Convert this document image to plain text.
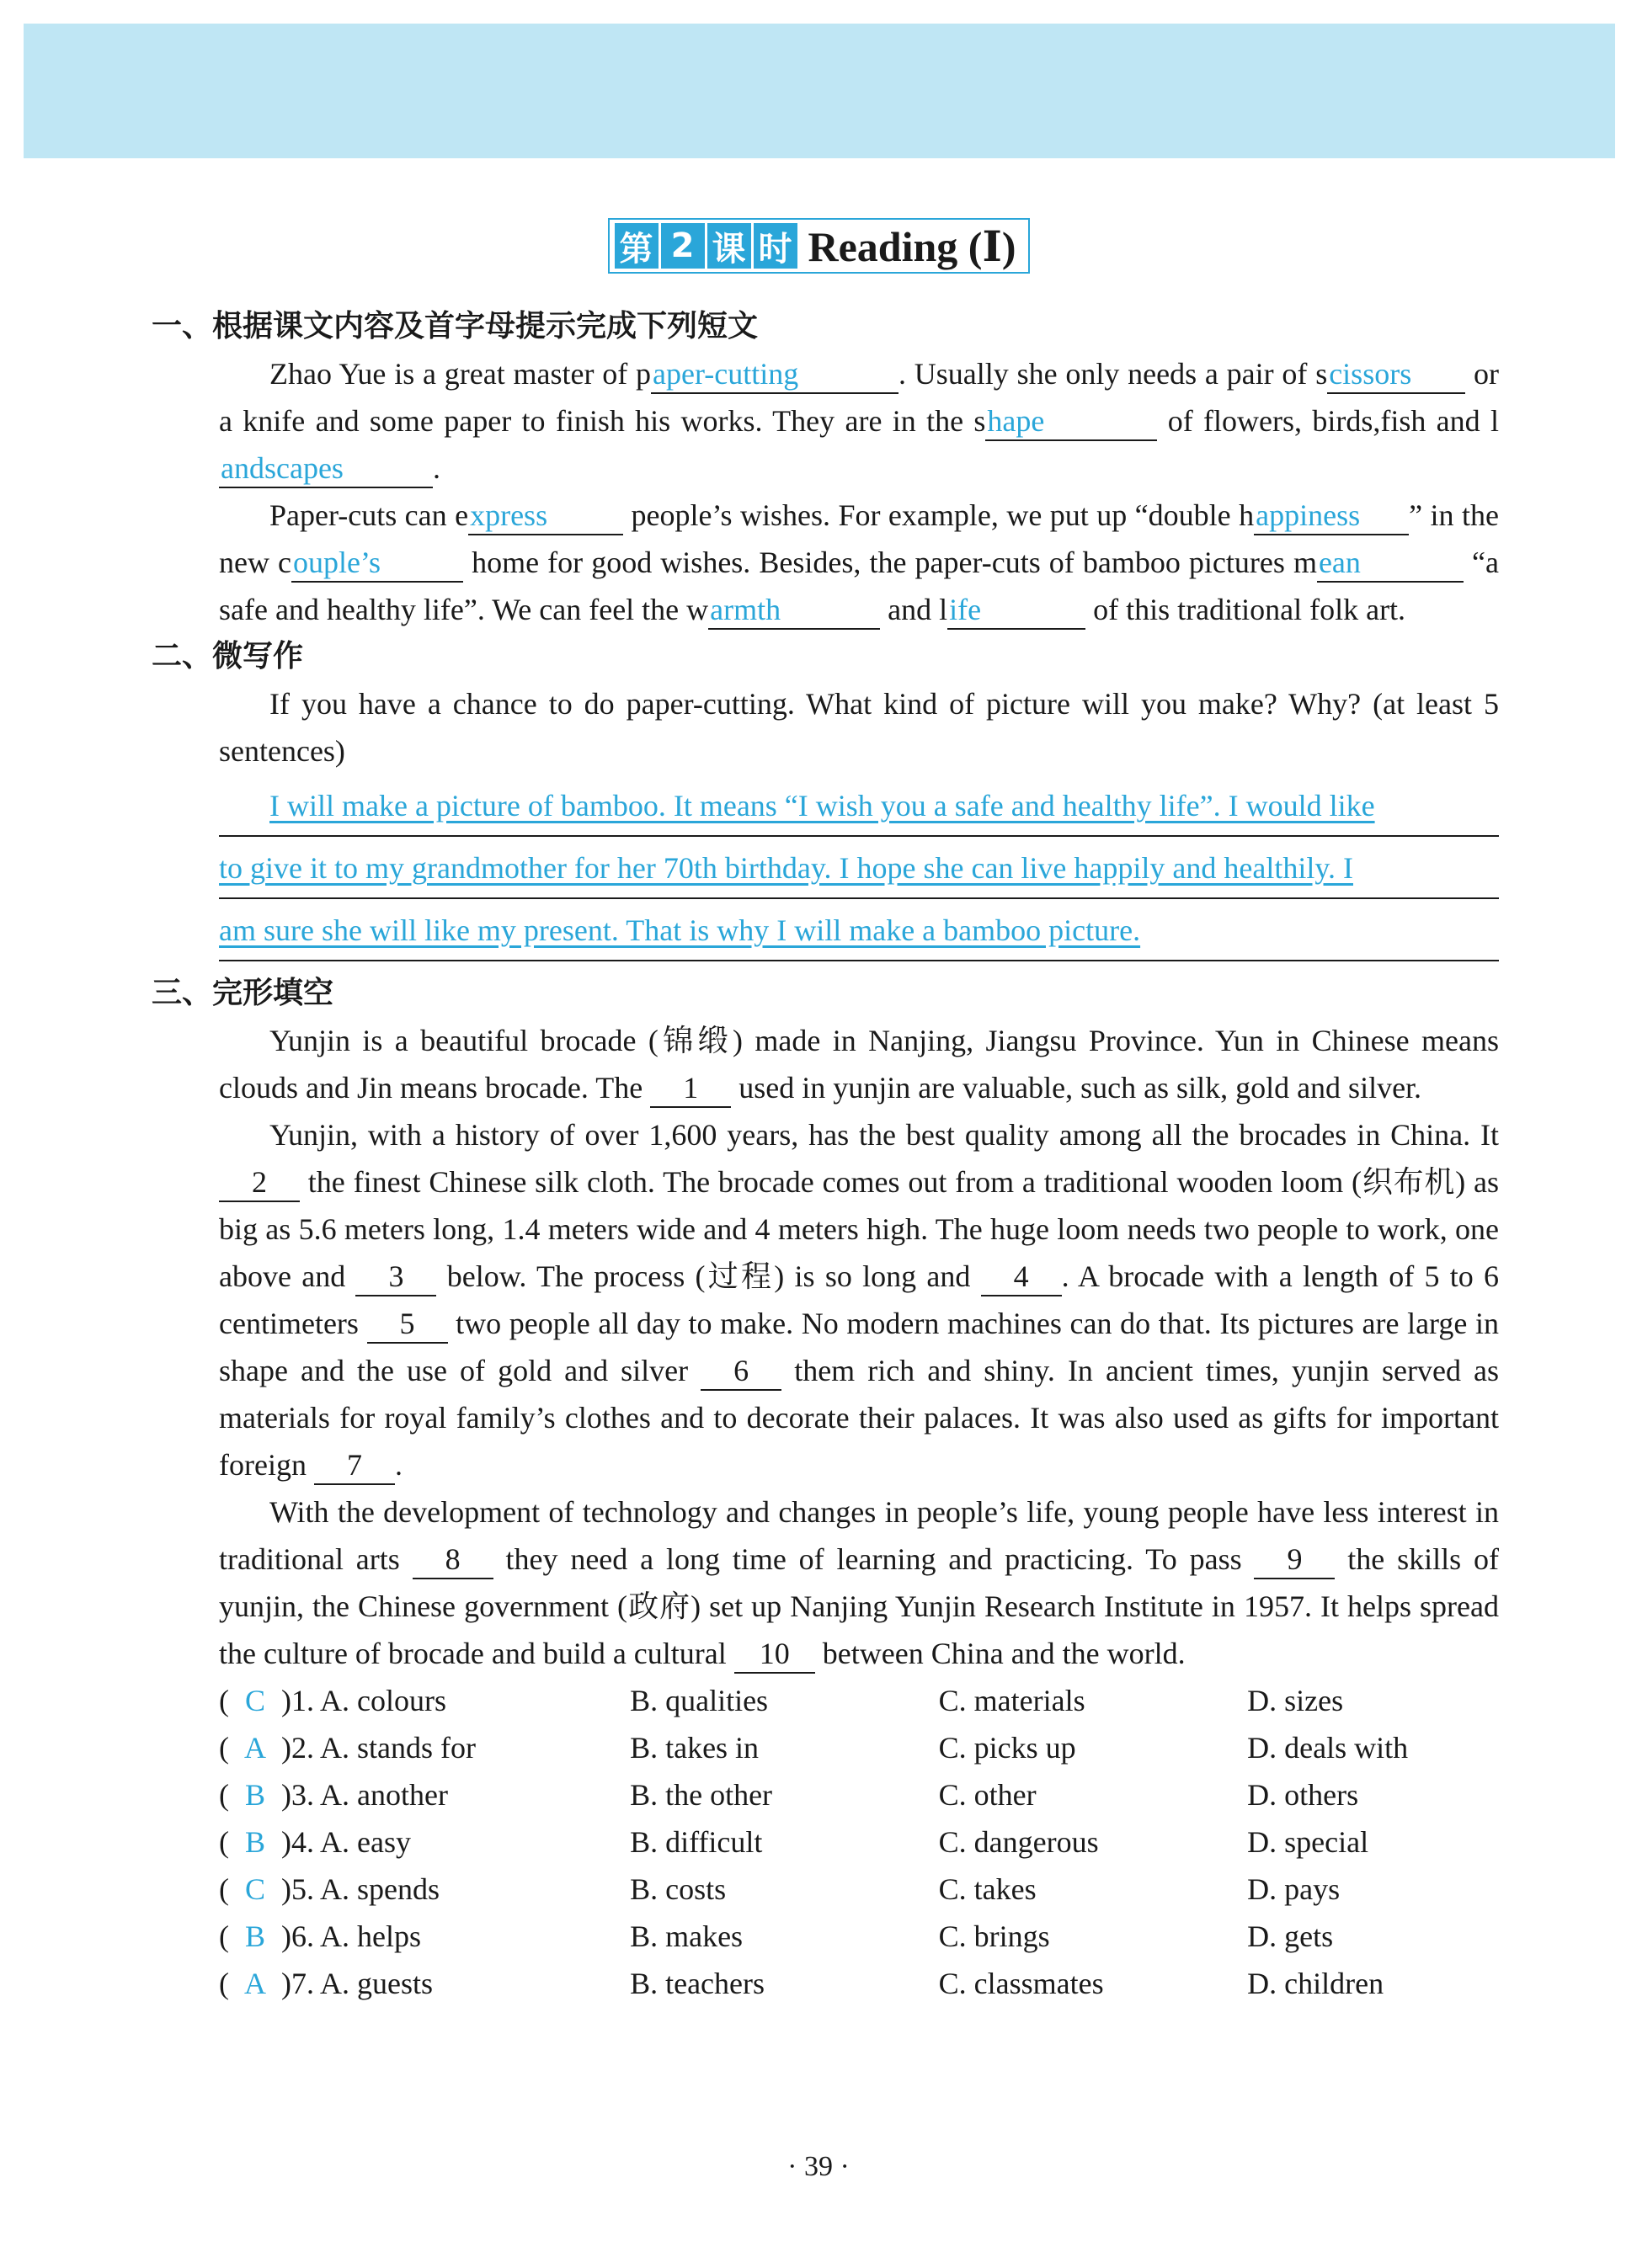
第 2 课 时 Reading (Ⅰ)
一、根据课文内容及首字母提示完成下列短文

Zhao Yue is a great master of paper-cutting	. Usually she only needs a pair of scissors or a knife and some paper to finish his works. They are in the shape	of flowers, birds,fish and landscapes	.

Paper-cuts can express	people’s wishes. For example, we put up “double happiness ” in the new couple’s	home for good wishes. Besides, the paper-cuts of bamboo pictures mean	“a safe and healthy life”. We can feel the warmth	and life	of this traditional folk art.

二、微写作

If you have a chance to do paper-cutting. What kind of picture will you make? Why? (at least 5 sentences)

I will make a picture of bamboo. It means “I wish you a safe and healthy life”. I would like
to give it to my grandmother for her 70th birthday. I hope she can live happily and healthily. I
am sure she will like my present. That is why I will make a bamboo picture.
三、完形填空

Yunjin is a beautiful brocade (锦缎) made in Nanjing, Jiangsu Province. Yun in Chinese means clouds and Jin means brocade. The 1 used in yunjin are valuable, such as silk, gold and silver.

Yunjin, with a history of over 1,600 years, has the best quality among all the brocades in China. It 2 the finest Chinese silk cloth. The brocade comes out from a traditional wooden loom (织布机) as big as 5.6 meters long, 1.4 meters wide and 4 meters high. The huge loom needs two people to work, one above and 3 below. The process (过程) is so long and 4 . A brocade with a length of 5 to 6 centimeters 5 two people all day to make. No modern machines can do that. Its pictures are large in shape and the use of gold and silver 6 them rich and shiny. In ancient times, yunjin served as materials for royal family’s clothes and to decorate their palaces. It was also used as gifts for important foreign 7 .

With the development of technology and changes in people’s life, young people have less interest in traditional arts 8 they need a long time of learning and practicing. To pass 9 the skills of yunjin, the Chinese government (政府) set up Nanjing Yunjin Research Institute in 1957. It helps spread the culture of brocade and build a cultural 10 between China and the world.

( C )1. A. colours	B. qualities	C. materials	D. sizes
( A )2. A. stands for	B. takes in	C. picks up	D. deals with
( B )3. A. another	B. the other	C. other	D. others
( B )4. A. easy	B. difficult	C. dangerous	D. special
( C )5. A. spends	B. costs	C. takes	D. pays
( B )6. A. helps	B. makes	C. brings	D. gets
( A )7. A. guests	B. teachers	C. classmates	D. children
· 39 ·
